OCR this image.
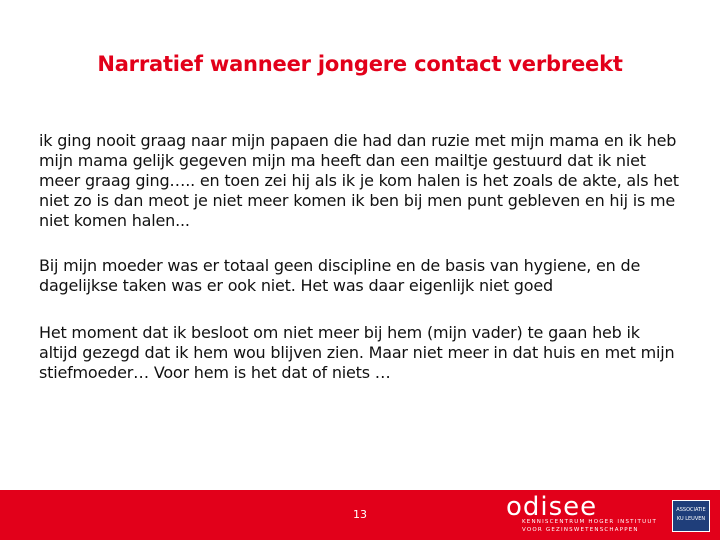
Narratief wanneer jongere contact verbreekt
ik ging nooit graag naar mijn papaen die had dan ruzie met mijn mama en ik heb mijn mama gelijk gegeven mijn ma heeft dan een mailtje gestuurd dat ik niet meer graag ging….. en toen zei hij als ik je kom halen is het zoals de akte, als het niet zo is dan meot je niet meer komen ik ben bij men punt gebleven en hij is me niet komen halen...
Bij mijn moeder was er totaal geen discipline en de basis van hygiene, en de dagelijkse taken was er ook niet. Het was daar eigenlijk niet goed
Het moment dat ik besloot om niet meer bij hem (mijn vader) te gaan heb ik altijd gezegd dat ik hem wou blijven zien. Maar niet meer in dat huis en met mijn stiefmoeder… Voor hem is het dat of niets …
13	odisee
KENNISCENTRUM HOGER INSTITUUT
VOOR GEZINSWETENSCHAPPEN
ASSOCIATIE
KU LEUVEN
